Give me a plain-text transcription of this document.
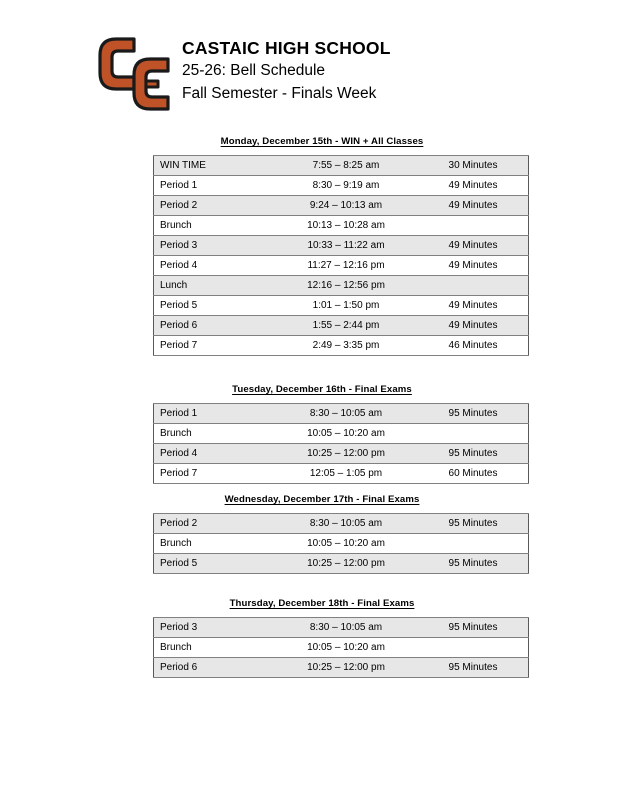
CASTAIC HIGH SCHOOL
25-26: Bell Schedule
Fall Semester - Finals Week
Monday, December 15th - WIN + All Classes
WIN TIME	7:55 – 8:25 am	30 Minutes
Period 1	8:30 – 9:19 am	49 Minutes
Period 2	9:24 – 10:13 am	49 Minutes
Brunch	10:13 – 10:28 am	
Period 3	10:33 – 11:22 am	49 Minutes
Period 4	11:27 – 12:16 pm	49 Minutes
Lunch	12:16 – 12:56 pm	
Period 5	1:01 – 1:50 pm	49 Minutes
Period 6	1:55 – 2:44 pm	49 Minutes
Period 7	2:49 – 3:35 pm	46 Minutes
Tuesday, December 16th - Final Exams
Period 1	8:30 – 10:05 am	95 Minutes
Brunch	10:05 – 10:20 am	
Period 4	10:25 – 12:00 pm	95 Minutes
Period 7	12:05 – 1:05 pm	60 Minutes
Wednesday, December 17th - Final Exams
Period 2	8:30 – 10:05 am	95 Minutes
Brunch	10:05 – 10:20 am	
Period 5	10:25 – 12:00 pm	95 Minutes
Thursday, December 18th - Final Exams
Period 3	8:30 – 10:05 am	95 Minutes
Brunch	10:05 – 10:20 am	
Period 6	10:25 – 12:00 pm	95 Minutes
